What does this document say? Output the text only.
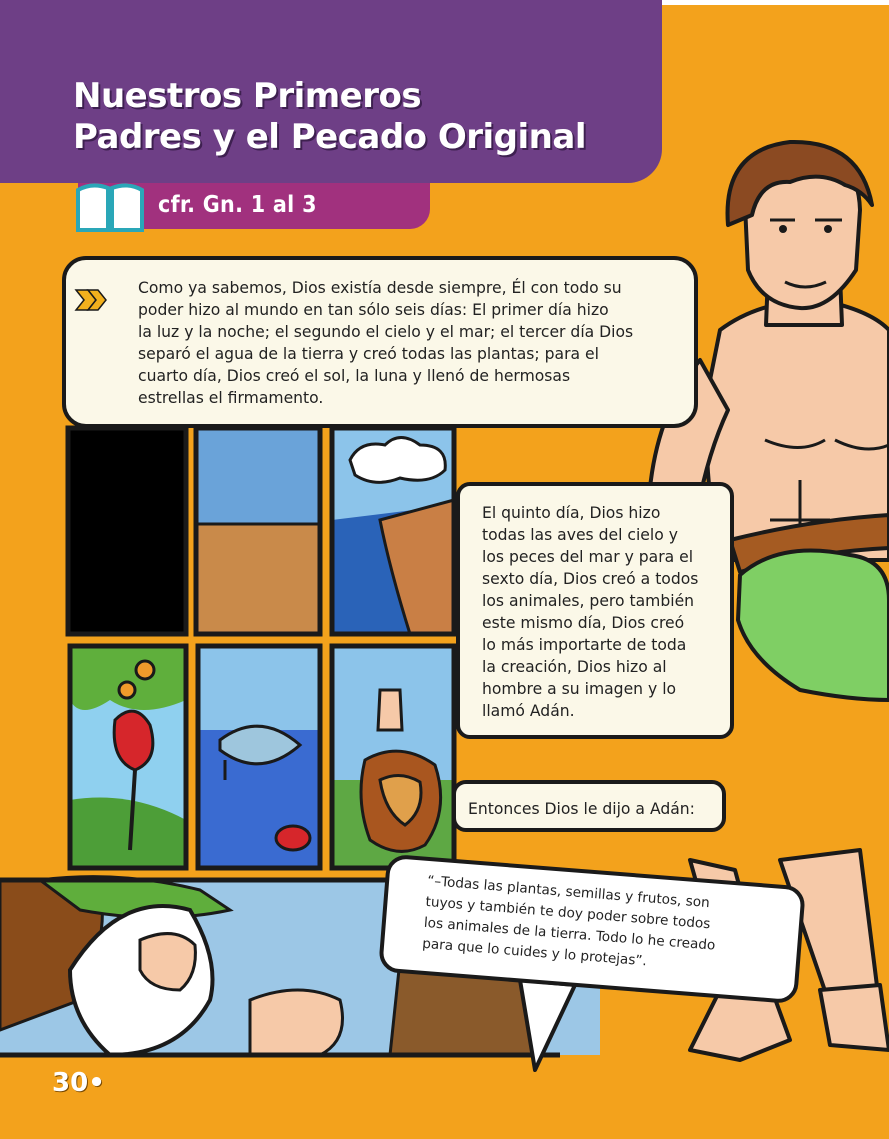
Nuestros Primeros
Padres y el Pecado Original
cfr. Gn. 1 al 3

Como ya sabemos, Dios existía desde siempre, Él con todo su
poder hizo al mundo en tan sólo seis días: El primer día hizo
la luz y la noche; el segundo el cielo y el mar; el tercer día Dios
separó el agua de la tierra y creó todas las plantas; para el
cuarto día, Dios creó el sol, la luna y llenó de hermosas
estrellas el firmamento.

El quinto día, Dios hizo
todas las aves del cielo y
los peces del mar y para el
sexto día, Dios creó a todos
los animales, pero también
este mismo día, Dios creó
lo más importarte de toda
la creación, Dios hizo al
hombre a su imagen y lo
llamó Adán.

Entonces Dios le dijo a Adán:

“–Todas las plantas, semillas y frutos, son
tuyos y también te doy poder sobre todos
los animales de la tierra. Todo lo he creado
para que lo cuides y lo protejas”.

30•
